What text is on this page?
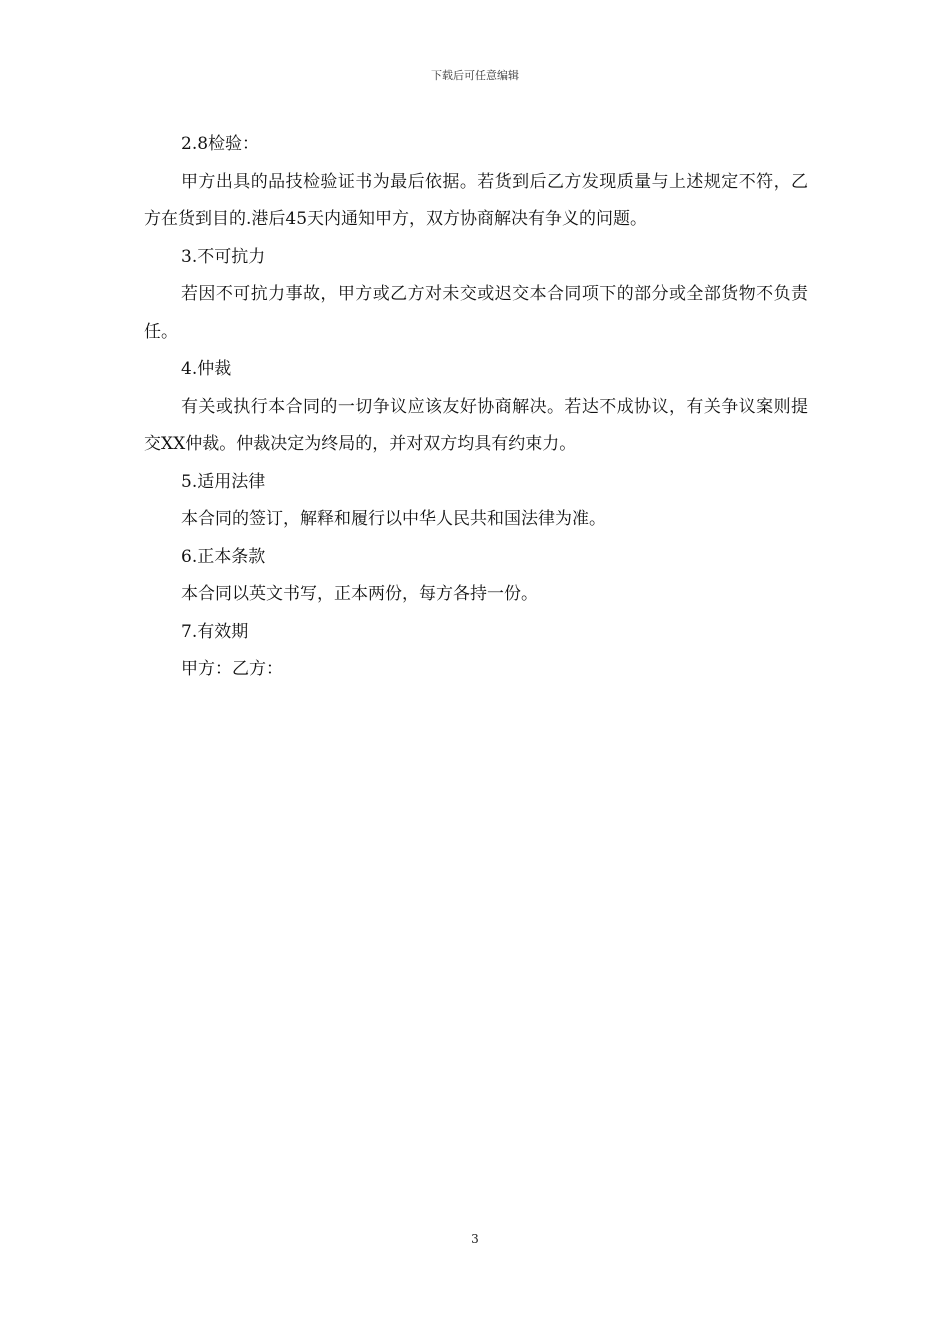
下载后可任意编辑

2.8检验：

甲方出具的品技检验证书为最后依据。若货到后乙方发现质量与上述规定不符，乙方在货到目的.港后45天内通知甲方，双方协商解决有争义的问题。

3.不可抗力

若因不可抗力事故，甲方或乙方对未交或迟交本合同项下的部分或全部货物不负责任。

4.仲裁

有关或执行本合同的一切争议应该友好协商解决。若达不成协议，有关争议案则提交XX仲裁。仲裁决定为终局的，并对双方均具有约束力。

5.适用法律

本合同的签订，解释和履行以中华人民共和国法律为准。

6.正本条款

本合同以英文书写，正本两份，每方各持一份。

7.有效期

甲方：乙方：

3
